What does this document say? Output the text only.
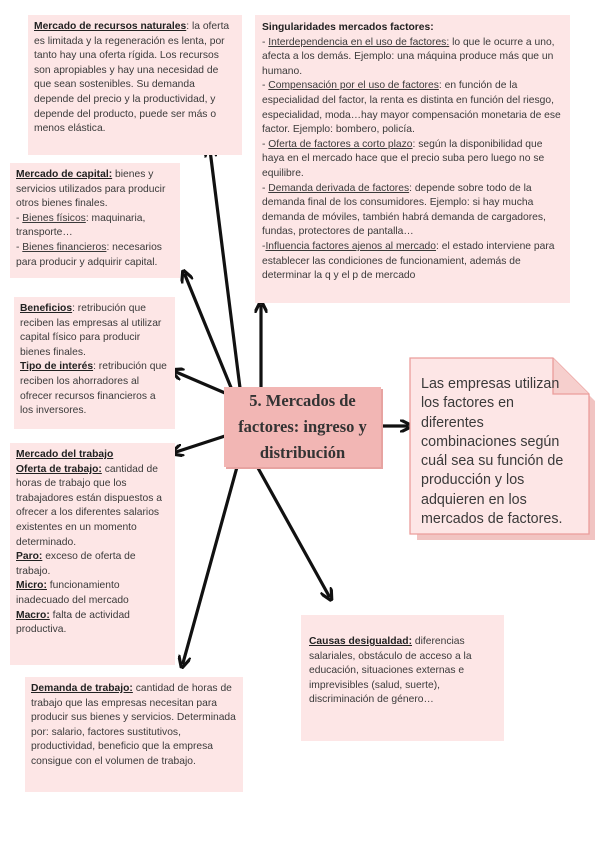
Mercado de recursos naturales: la oferta es limitada y la regeneración es lenta, por tanto hay una oferta rígida. Los recursos son apropiables y hay una necesidad de que sean sostenibles. Su demanda depende del precio y la productividad, y depende del producto, puede ser más o menos elástica.

Mercado de capital: bienes y servicios utilizados para producir otros bienes finales.

- Bienes físicos: maquinaria, transporte…

- Bienes financieros: necesarios para producir y adquirir capital.

Beneficios: retribución que reciben las empresas al utilizar capital físico para producir bienes finales.

Tipo de interés: retribución que reciben los ahorradores al ofrecer recursos financieros a los inversores.

Mercado del trabajo

Oferta de trabajo: cantidad de horas de trabajo que los trabajadores están dispuestos a ofrecer a los diferentes salarios existentes en un momento determinado.

Paro: exceso de oferta de trabajo.

Micro: funcionamiento inadecuado del mercado

Macro: falta de actividad productiva.

Demanda de trabajo: cantidad de horas de trabajo que las empresas necesitan para producir sus bienes y servicios. Determinada por: salario, factores sustitutivos, productividad, beneficio que la empresa consigue con el volumen de trabajo.

Singularidades mercados factores:

- Interdependencia en el uso de factores: lo que le ocurre a uno, afecta a los demás. Ejemplo: una máquina produce más que un humano.

- Compensación por el uso de factores: en función de la especialidad del factor, la renta es distinta en función del riesgo, especialidad, moda…hay mayor compensación monetaria de ese factor. Ejemplo: bombero, policía.

- Oferta de factores a corto plazo: según la disponibilidad que haya en el mercado hace que el precio suba pero luego no se equilibre.

- Demanda derivada de factores: depende sobre todo de la demanda final de los consumidores. Ejemplo: si hay mucha demanda de móviles, también habrá demanda de cargadores, fundas, protectores de pantalla…

-Influencia factores ajenos al mercado: el estado interviene para establecer las condiciones de funcionamient, además de determinar la q y el p de mercado

Causas desigualdad: diferencias salariales, obstáculo de acceso a la educación, situaciones externas e imprevisibles (salud, suerte), discriminación de género…

5. Mercados de factores: ingreso y distribución
Las empresas utilizan los factores en diferentes combinaciones según cuál sea su función de producción y los adquieren en los mercados de factores.
